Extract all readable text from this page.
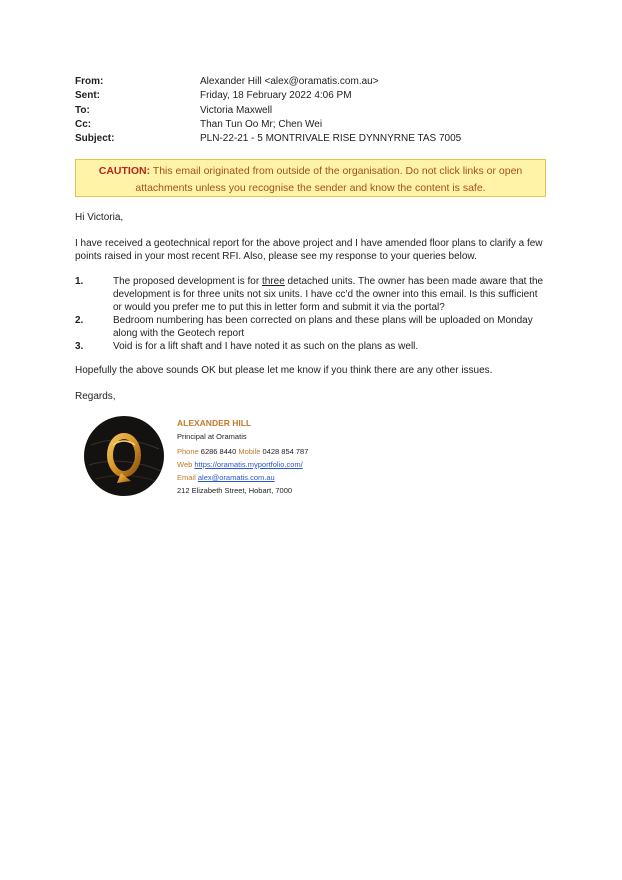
From:	Alexander Hill <alex@oramatis.com.au>
Sent:	Friday, 18 February 2022 4:06 PM
To:	Victoria Maxwell
Cc:	Than Tun Oo Mr; Chen Wei
Subject:	PLN-22-21 - 5 MONTRIVALE RISE DYNNYRNE TAS 7005
CAUTION: This email originated from outside of the organisation. Do not click links or open
attachments unless you recognise the sender and know the content is safe.
Hi Victoria,
I have received a geotechnical report for the above project and I have amended floor plans to clarify a few points raised in your most recent RFI. Also, please see my response to your queries below.
1.	The proposed development is for three detached units. The owner has been made aware that the development is for three units not six units. I have cc’d the owner into this email. Is this sufficient or would you prefer me to put this in letter form and submit it via the portal?
2.	Bedroom numbering has been corrected on plans and these plans will be uploaded on Monday along with the Geotech report
3.	Void is for a lift shaft and I have noted it as such on the plans as well.
Hopefully the above sounds OK but please let me know if you think there are any other issues.
Regards,
ALEXANDER HILL
Principal at Oramatis
Phone 6286 8440 Mobile 0428 854 787
Web https://oramatis.myportfolio.com/
Email alex@oramatis.com.au
212 Elizabeth Street, Hobart, 7000
